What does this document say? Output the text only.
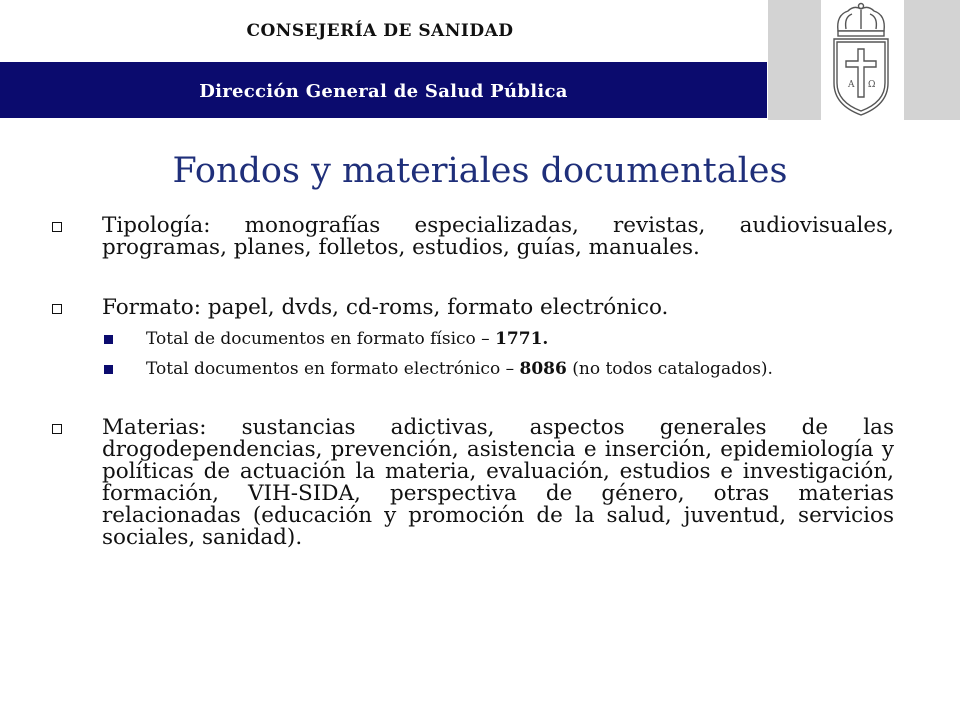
CONSEJERÍA DE SANIDAD
Dirección General de Salud Pública	A Ω
Fondos y materiales documentales
Tipología: monografías especializadas, revistas, audiovisuales, programas, planes, folletos, estudios, guías, manuales.
Formato: papel, dvds, cd-roms, formato electrónico.
Total de documentos en formato físico – 1771.
Total documentos en formato electrónico – 8086 (no todos catalogados).
Materias: sustancias adictivas, aspectos generales de las drogodependencias, prevención, asistencia e inserción, epidemiología y políticas de actuación la materia, evaluación, estudios e investigación, formación, VIH-SIDA, perspectiva de género, otras materias relacionadas (educación y promoción de la salud, juventud, servicios sociales, sanidad).
